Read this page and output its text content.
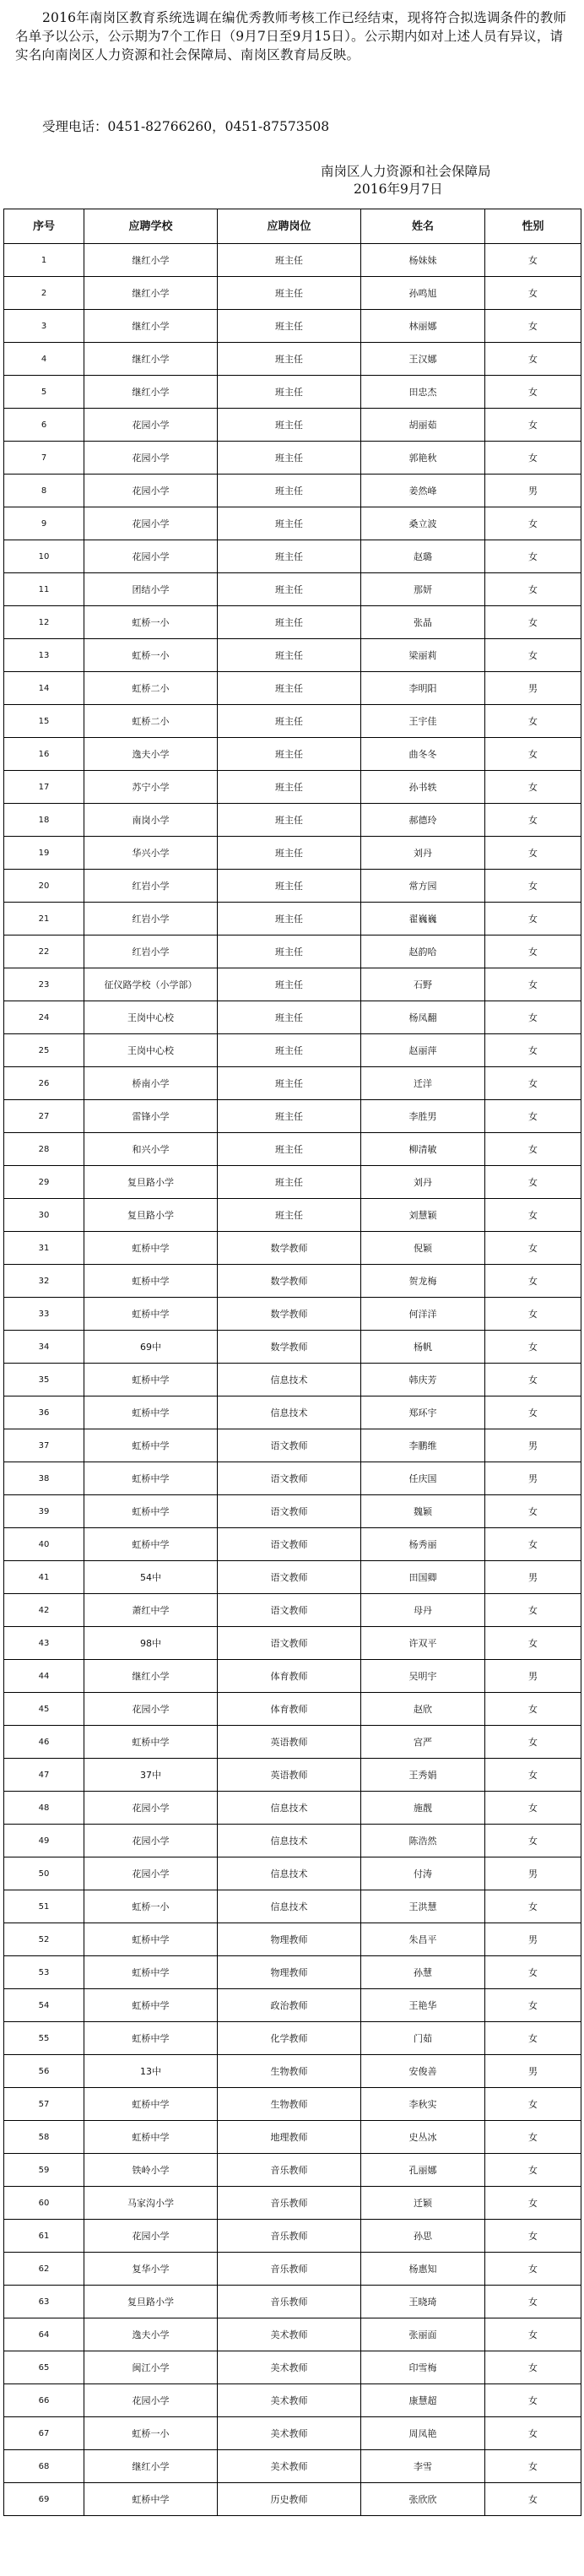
2016年南岗区教育系统选调在编优秀教师考核工作已经结束，现将符合拟选调条件的教师名单予以公示，公示期为7个工作日（9月7日至9月15日）。公示期内如对上述人员有异议，请实名向南岗区人力资源和社会保障局、南岗区教育局反映。
受理电话：0451-82766260，0451-87573508
南岗区人力资源和社会保障局
2016年9月7日
序号	应聘学校	应聘岗位	姓名	性别
1	继红小学	班主任	杨妹妹	女
2	继红小学	班主任	孙鸣旭	女
3	继红小学	班主任	林丽娜	女
4	继红小学	班主任	王汉娜	女
5	继红小学	班主任	田忠杰	女
6	花园小学	班主任	胡丽茹	女
7	花园小学	班主任	郭艳秋	女
8	花园小学	班主任	姜然峰	男
9	花园小学	班主任	桑立波	女
10	花园小学	班主任	赵璐	女
11	团结小学	班主任	那妍	女
12	虹桥一小	班主任	张晶	女
13	虹桥一小	班主任	梁丽莉	女
14	虹桥二小	班主任	李明阳	男
15	虹桥二小	班主任	王宇佳	女
16	逸夫小学	班主任	曲冬冬	女
17	苏宁小学	班主任	孙书轶	女
18	南岗小学	班主任	郝德玲	女
19	华兴小学	班主任	刘丹	女
20	红岩小学	班主任	常方园	女
21	红岩小学	班主任	翟巍巍	女
22	红岩小学	班主任	赵韵哈	女
23	征仪路学校（小学部）	班主任	石野	女
24	王岗中心校	班主任	杨凤翻	女
25	王岗中心校	班主任	赵丽萍	女
26	桥南小学	班主任	迁洋	女
27	雷锋小学	班主任	李胜男	女
28	和兴小学	班主任	柳清敏	女
29	复旦路小学	班主任	刘丹	女
30	复旦路小学	班主任	刘慧颖	女
31	虹桥中学	数学教师	倪颖	女
32	虹桥中学	数学教师	贺龙梅	女
33	虹桥中学	数学教师	何洋洋	女
34	69中	数学教师	杨帆	女
35	虹桥中学	信息技术	韩庆芳	女
36	虹桥中学	信息技术	郑环宇	女
37	虹桥中学	语文教师	李鹏维	男
38	虹桥中学	语文教师	任庆国	男
39	虹桥中学	语文教师	魏颖	女
40	虹桥中学	语文教师	杨秀丽	女
41	54中	语文教师	田国卿	男
42	萧红中学	语文教师	母丹	女
43	98中	语文教师	许双平	女
44	继红小学	体育教师	吴明宇	男
45	花园小学	体育教师	赵欣	女
46	虹桥中学	英语教师	宫严	女
47	37中	英语教师	王秀娟	女
48	花园小学	信息技术	施靓	女
49	花园小学	信息技术	陈浩然	女
50	花园小学	信息技术	付涛	男
51	虹桥一小	信息技术	王洪慧	女
52	虹桥中学	物理教师	朱昌平	男
53	虹桥中学	物理教师	孙慧	女
54	虹桥中学	政治教师	王艳华	女
55	虹桥中学	化学教师	门茹	女
56	13中	生物教师	安俊善	男
57	虹桥中学	生物教师	李秋实	女
58	虹桥中学	地理教师	史丛冰	女
59	铁岭小学	音乐教师	孔丽娜	女
60	马家沟小学	音乐教师	迁颖	女
61	花园小学	音乐教师	孙思	女
62	复华小学	音乐教师	杨惠知	女
63	复旦路小学	音乐教师	王晓琦	女
64	逸夫小学	美术教师	张丽面	女
65	闽江小学	美术教师	印雪梅	女
66	花园小学	美术教师	康慧超	女
67	虹桥一小	美术教师	周凤艳	女
68	继红小学	美术教师	李雪	女
69	虹桥中学	历史教师	张欣欣	女
